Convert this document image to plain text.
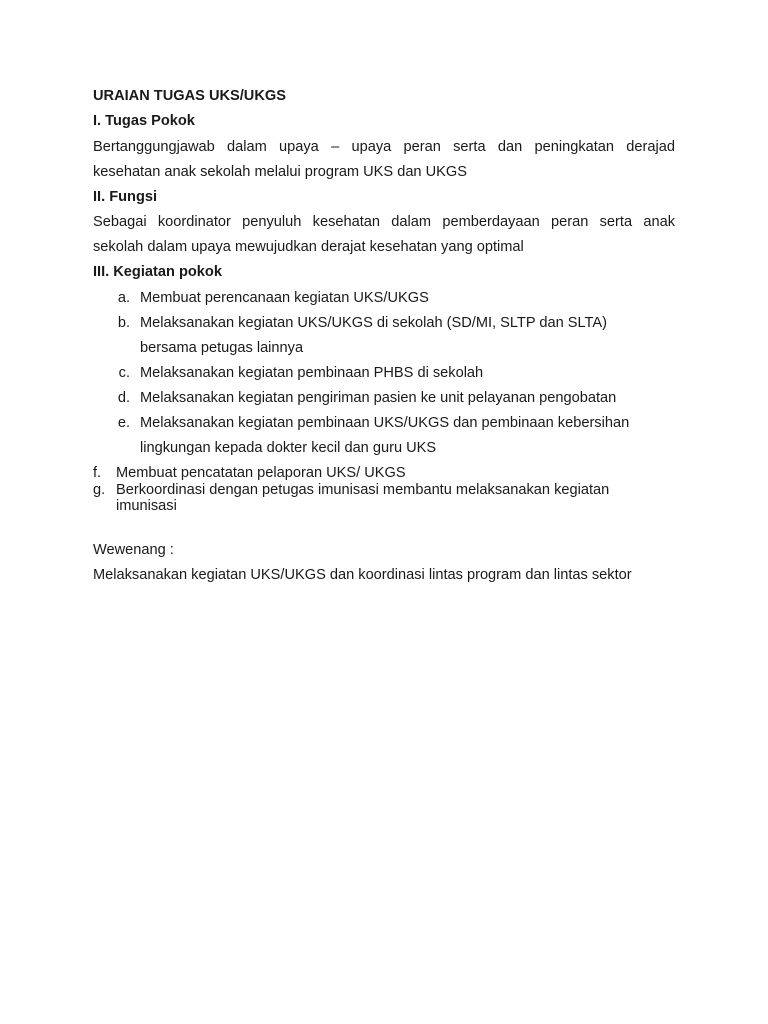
URAIAN TUGAS UKS/UKGS
I. Tugas Pokok
Bertanggungjawab dalam upaya – upaya peran serta dan peningkatan derajad
kesehatan anak sekolah melalui program UKS dan UKGS
II. Fungsi
Sebagai koordinator penyuluh kesehatan dalam pemberdayaan peran serta anak
sekolah dalam upaya mewujudkan derajat kesehatan yang optimal
III. Kegiatan pokok
a. Membuat perencanaan kegiatan UKS/UKGS
b. Melaksanakan kegiatan UKS/UKGS di sekolah (SD/MI, SLTP dan SLTA)
bersama petugas lainnya
c. Melaksanakan kegiatan pembinaan PHBS di sekolah
d. Melaksanakan kegiatan pengiriman pasien ke unit pelayanan pengobatan
e. Melaksanakan kegiatan pembinaan UKS/UKGS dan pembinaan kebersihan
lingkungan kepada dokter kecil dan guru UKS
f. Membuat pencatatan pelaporan UKS/ UKGS
g. Berkoordinasi dengan petugas imunisasi membantu melaksanakan kegiatan
imunisasi
Wewenang :
Melaksanakan kegiatan UKS/UKGS dan koordinasi lintas program dan lintas sektor
